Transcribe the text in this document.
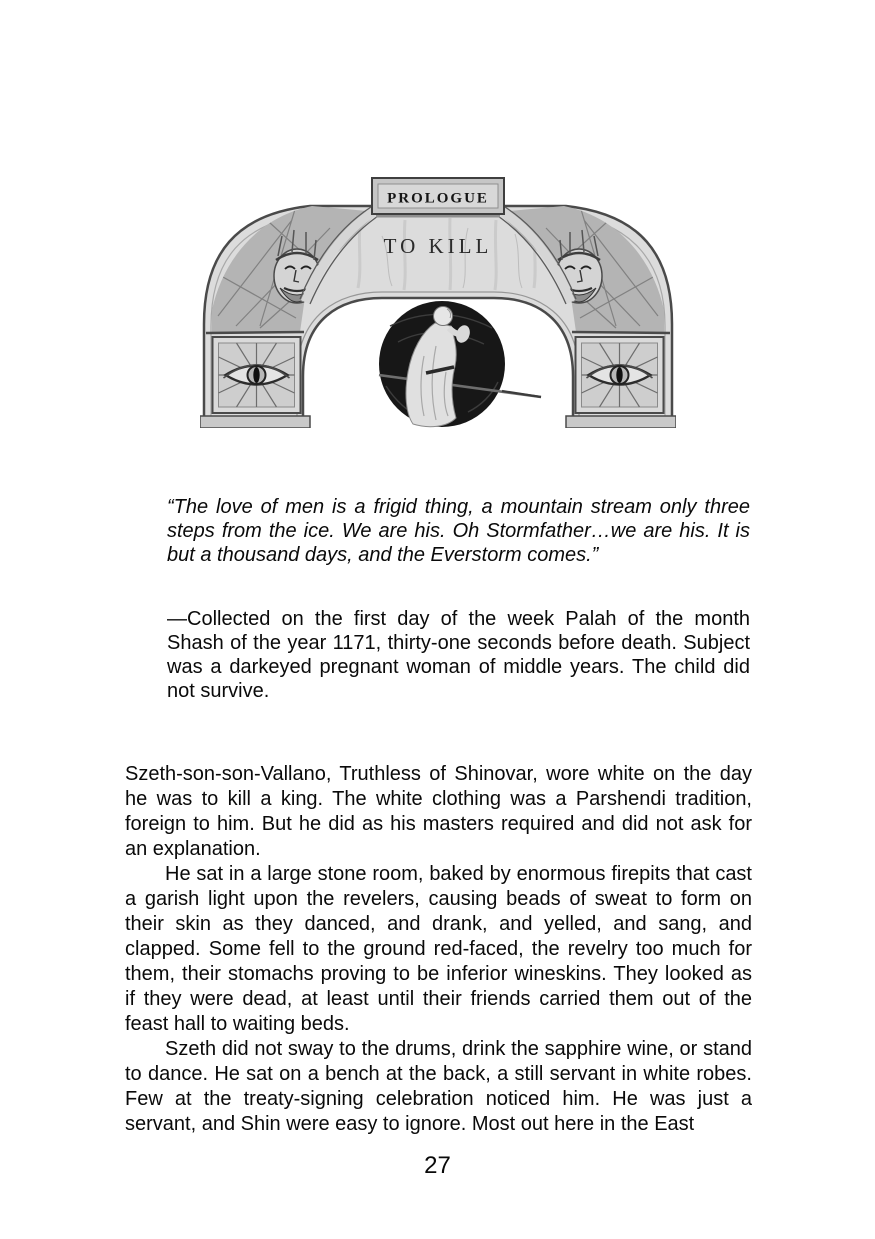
PROLOGUE
TO KILL
“The love of men is a frigid thing, a mountain stream only three steps from the ice. We are his. Oh Stormfather…we are his. It is but a thousand days, and the Everstorm comes.”
—Collected on the first day of the week Palah of the month Shash of the year 1171, thirty-one seconds before death. Subject was a darkeyed pregnant woman of middle years. The child did not survive.

Szeth-son-son-Vallano, Truthless of Shinovar, wore white on the day he was to kill a king. The white clothing was a Parshendi tradition, foreign to him. But he did as his masters required and did not ask for an explanation.

He sat in a large stone room, baked by enormous firepits that cast a garish light upon the revelers, causing beads of sweat to form on their skin as they danced, and drank, and yelled, and sang, and clapped. Some fell to the ground red-faced, the revelry too much for them, their stomachs proving to be inferior wineskins. They looked as if they were dead, at least until their friends carried them out of the feast hall to waiting beds.

Szeth did not sway to the drums, drink the sapphire wine, or stand to dance. He sat on a bench at the back, a still servant in white robes. Few at the treaty-signing celebration noticed him. He was just a servant, and Shin were easy to ignore. Most out here in the East

27
